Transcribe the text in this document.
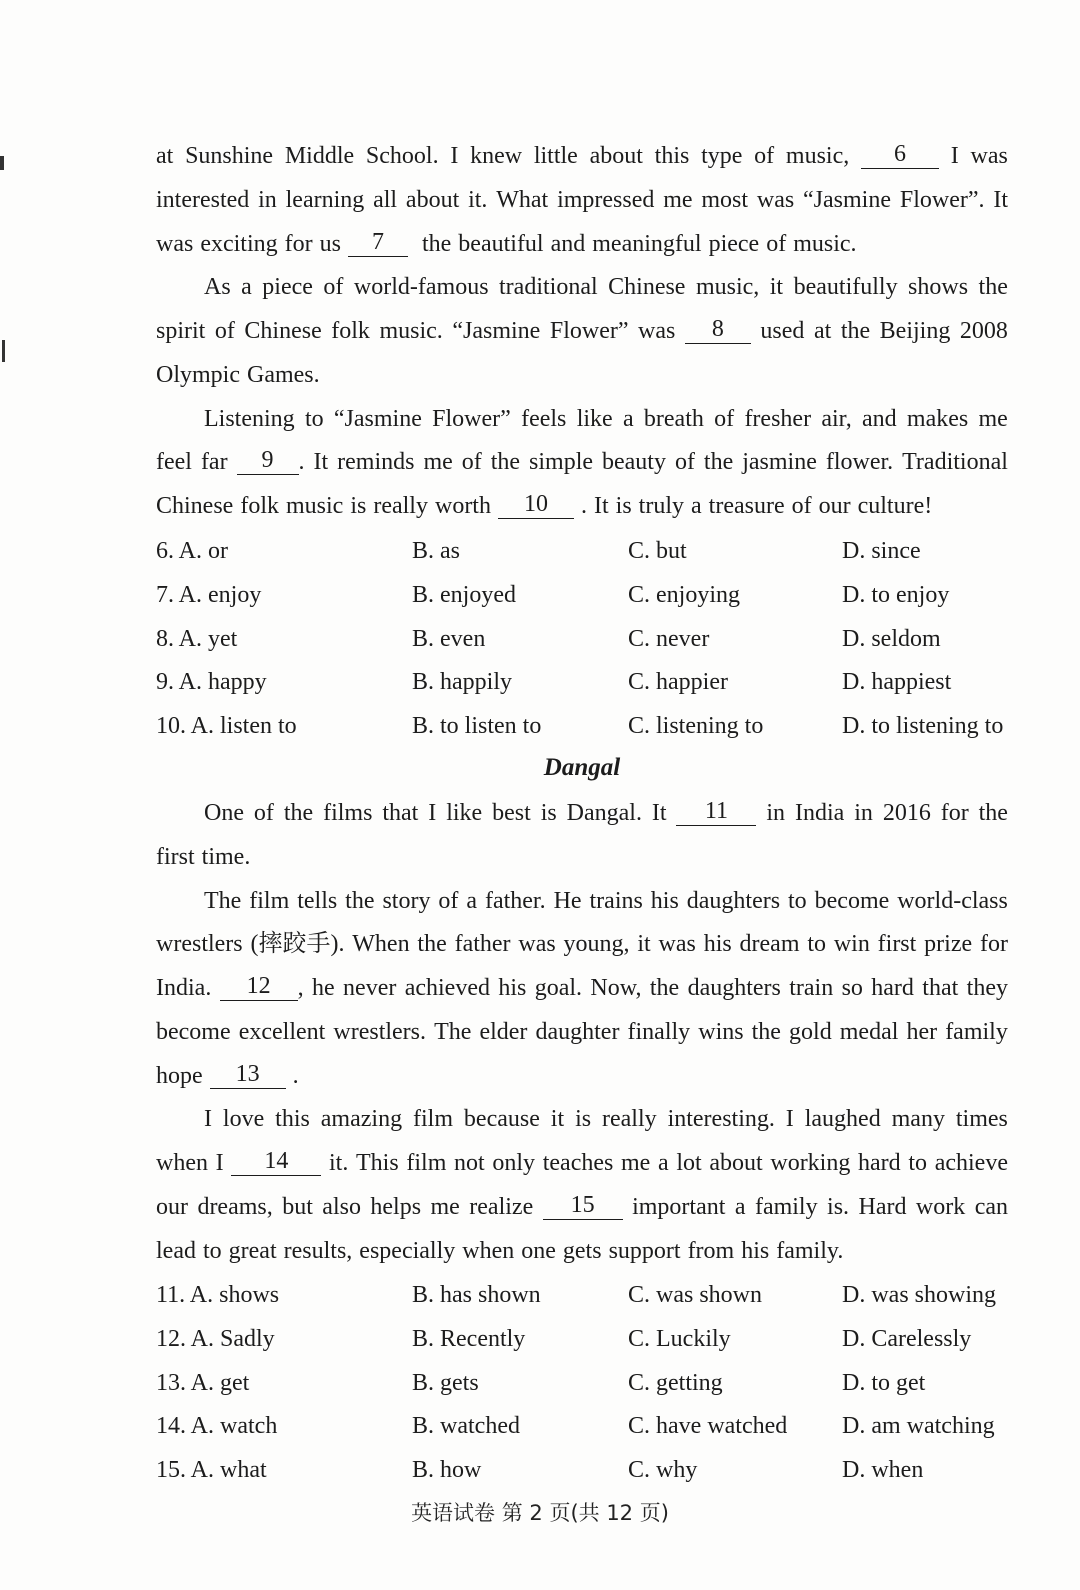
at Sunshine Middle School. I knew little about this type of music,	6	I was
interested in learning all about it. What impressed me most was “Jasmine Flower”. It
was exciting for us	7	the beautiful and meaningful piece of music.
As a piece of world-famous traditional Chinese music, it beautifully shows the
spirit of Chinese folk music. “Jasmine Flower” was	8	used at the Beijing 2008
Olympic Games.
Listening to “Jasmine Flower” feels like a breath of fresher air, and makes me
feel far	9 . It reminds me of the simple beauty of the jasmine flower. Traditional
Chinese folk music is really worth	10 . It is truly a treasure of our culture!
6. A. or	B. as	C. but	D. since
7. A. enjoy	B. enjoyed	C. enjoying	D. to enjoy
8. A. yet	B. even	C. never	D. seldom
9. A. happy	B. happily	C. happier	D. happiest
10. A. listen to	B. to listen to	C. listening to	D. to listening to
Dangal
One of the films that I like best is Dangal. It	11	in India in 2016 for the
first time.
The film tells the story of a father. He trains his daughters to become world-class
wrestlers (摔跤手). When the father was young, it was his dream to win first prize for
India.	12 , he never achieved his goal. Now, the daughters train so hard that they
become excellent wrestlers. The elder daughter finally wins the gold medal her family
hope	13 .
I love this amazing film because it is really interesting. I laughed many times
when I	14	it. This film not only teaches me a lot about working hard to achieve
our dreams, but also helps me realize	15	important a family is. Hard work can
lead to great results, especially when one gets support from his family.
11. A. shows	B. has shown	C. was shown	D. was showing
12. A. Sadly	B. Recently	C. Luckily	D. Carelessly
13. A. get	B. gets	C. getting	D. to get
14. A. watch	B. watched	C. have watched D. am watching
15. A. what	B. how	C. why	D. when
英语试卷 第 2 页(共 12 页)
